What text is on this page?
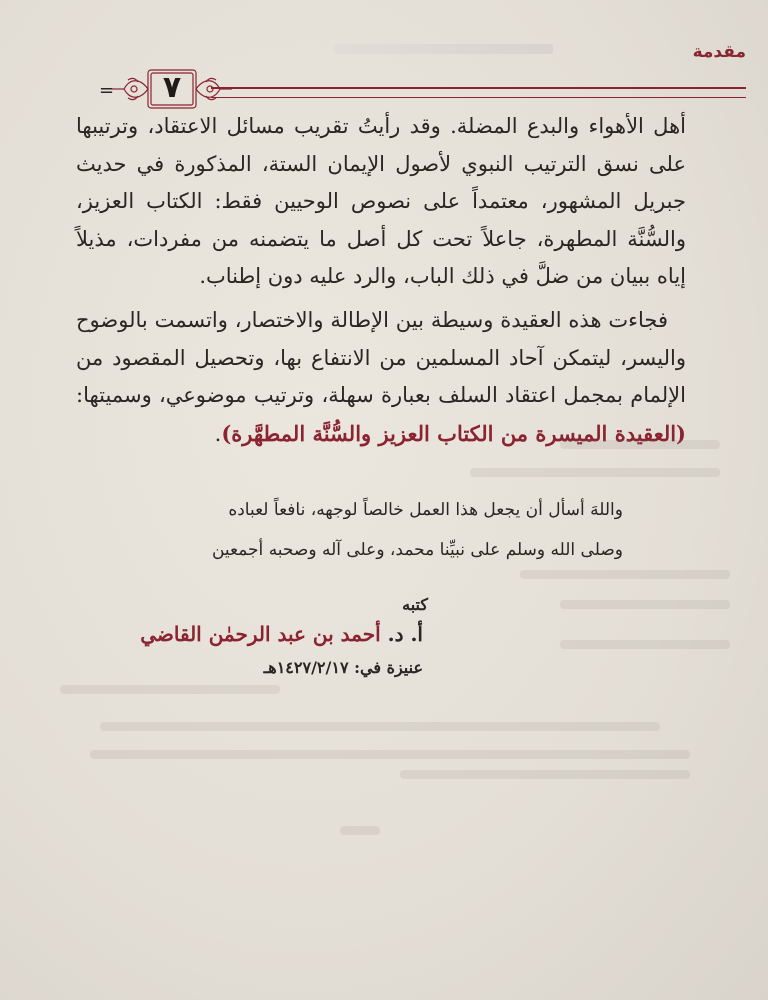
مقدمة
٧
=

أهل الأهواء والبدع المضلة. وقد رأيتُ تقريب مسائل الاعتقاد، وترتيبها على نسق الترتيب النبوي لأصول الإيمان الستة، المذكورة في حديث جبريل المشهور، معتمداً على نصوص الوحيين فقط: الكتاب العزيز، والسُّنَّة المطهرة، جاعلاً تحت كل أصل ما يتضمنه من مفردات، مذيلاً إياه ببيان من ضلَّ في ذلك الباب، والرد عليه دون إطناب.

فجاءت هذه العقيدة وسيطة بين الإطالة والاختصار، واتسمت بالوضوح واليسر، ليتمكن آحاد المسلمين من الانتفاع بها، وتحصيل المقصود من الإلمام بمجمل اعتقاد السلف بعبارة سهلة، وترتيب موضوعي، وسميتها: (العقيدة الميسرة من الكتاب العزيز والسُّنَّة المطهَّرة).

واللهَ أسأل أن يجعل هذا العمل خالصاً لوجهه، نافعاً لعباده

وصلى الله وسلم على نبيِّنا محمد، وعلى آله وصحبه أجمعين

كتبه
أ. د. أحمد بن عبد الرحمٰن القاضي
عنيزة في: ١٤٢٧/٢/١٧هـ
